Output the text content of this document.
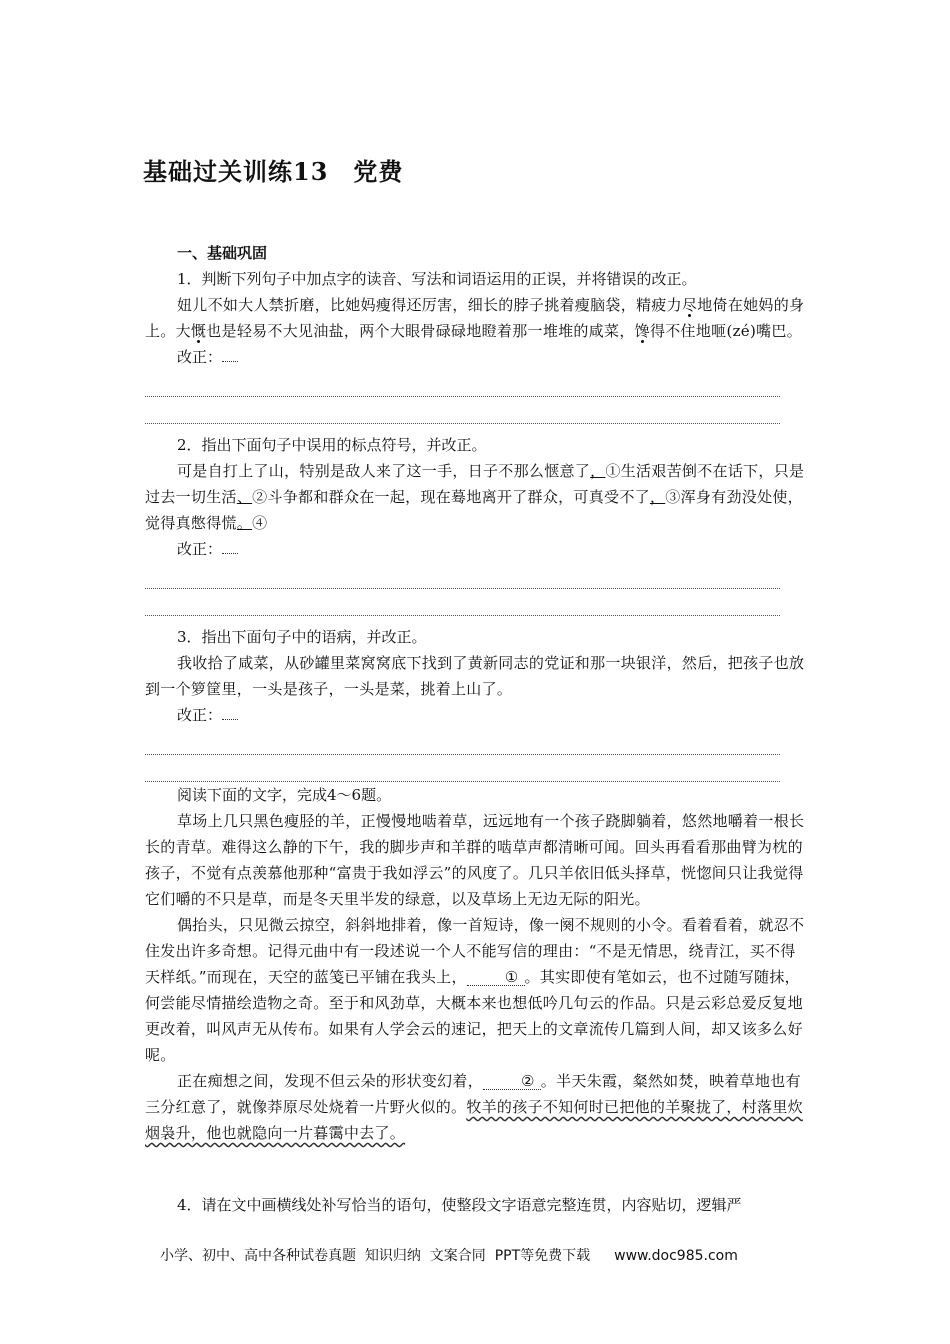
基础过关训练13　党费

一、基础巩固

1．判断下列句子中加点字的读音、写法和词语运用的正误，并将错误的改正。

妞儿不如大人禁折磨，比她妈瘦得还厉害，细长的脖子挑着瘦脑袋，精疲力尽地倚在她妈的身上。大慨也是轻易不大见油盐，两个大眼骨碌碌地瞪着那一堆堆的咸菜，馋得不住地咂(zé)嘴巴。

改正：

2．指出下面句子中误用的标点符号，并改正。

可是自打上了山，特别是敌人来了这一手，日子不那么惬意了，①生活艰苦倒不在话下，只是过去一切生活、②斗争都和群众在一起，现在蓦地离开了群众，可真受不了，③浑身有劲没处使，觉得真憋得慌。④

改正：

3．指出下面句子中的语病，并改正。

我收拾了咸菜，从砂罐里菜窝窝底下找到了黄新同志的党证和那一块银洋，然后，把孩子也放到一个箩筐里，一头是孩子，一头是菜，挑着上山了。

改正：

阅读下面的文字，完成4～6题。

草场上几只黑色瘦胫的羊，正慢慢地啮着草，远远地有一个孩子跷脚躺着，悠然地嚼着一根长长的青草。难得这么静的下午，我的脚步声和羊群的啮草声都清晰可闻。回头再看看那曲臂为枕的孩子，不觉有点羡慕他那种“富贵于我如浮云”的风度了。几只羊依旧低头择草，恍惚间只让我觉得它们嚼的不只是草，而是冬天里半发的绿意，以及草场上无边无际的阳光。

偶抬头，只见微云掠空，斜斜地排着，像一首短诗，像一阕不规则的小令。看着看着，就忍不住发出许多奇想。记得元曲中有一段述说一个人不能写信的理由：“不是无情思，绕青江，买不得天样纸。”而现在，天空的蓝笺已平铺在我头上，	① 。其实即使有笔如云，也不过随写随抹，何尝能尽情描绘造物之奇。至于和风劲草，大概本来也想低吟几句云的作品。只是云彩总爱反复地更改着，叫风声无从传布。如果有人学会云的速记，把天上的文章流传几篇到人间，却又该多么好呢。

正在痴想之间，发现不但云朵的形状变幻着，	② 。半天朱霞，粲然如焚，映着草地也有三分红意了，就像莽原尽处烧着一片野火似的。牧羊的孩子不知何时已把他的羊聚拢了，村落里炊烟袅升，他也就隐向一片暮霭中去了。

4．请在文中画横线处补写恰当的语句，使整段文字语意完整连贯，内容贴切，逻辑严

小学、初中、高中各种试卷真题  知识归纳  文案合同  PPT等免费下载 www.doc985.com
